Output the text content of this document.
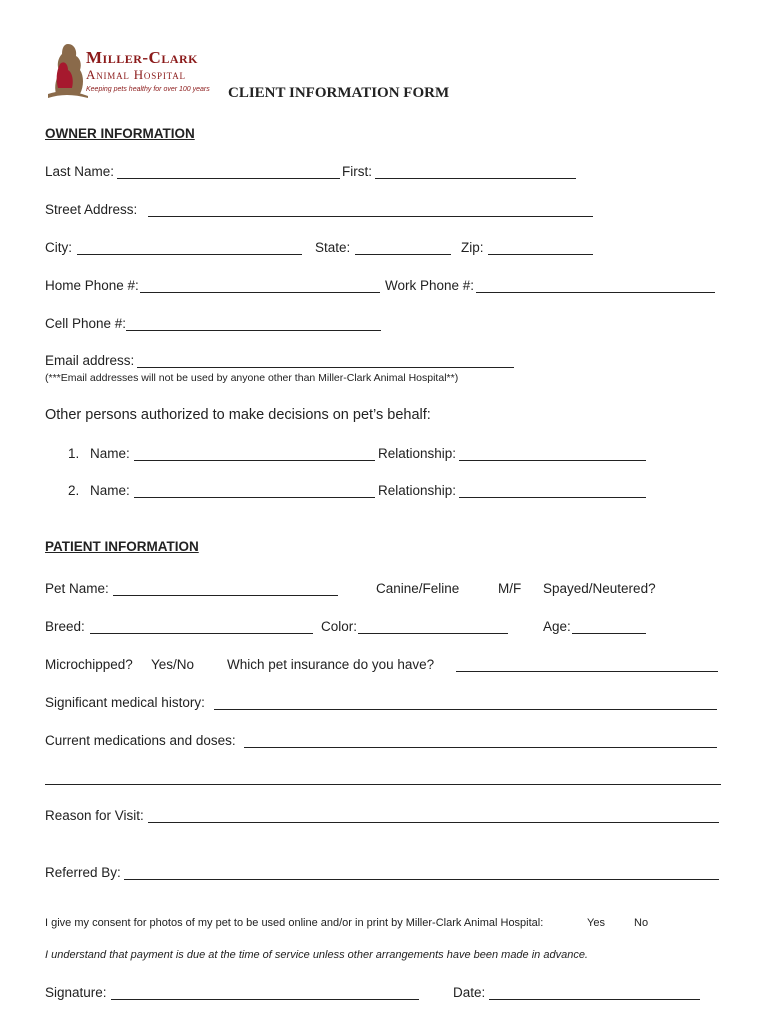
Miller-Clark
Animal Hospital
Keeping pets healthy for over 100 years CLIENT INFORMATION FORM
OWNER INFORMATION
Last Name:	First:
Street Address:
City:	State:	Zip:
Home Phone #:	Work Phone #:
Cell Phone #:
Email address:
(***Email addresses will not be used by anyone other than Miller-Clark Animal Hospital**)
Other persons authorized to make decisions on pet’s behalf:
1. Name:	Relationship:
2. Name:	Relationship:
PATIENT INFORMATION
Pet Name:	Canine/Feline	M/F Spayed/Neutered?
Breed:	Color:	Age:
Microchipped? Yes/No Which pet insurance do you have?
Significant medical history:
Current medications and doses:
Reason for Visit:
Referred By:
I give my consent for photos of my pet to be used online and/or in print by Miller-Clark Animal Hospital:	Yes	No
I understand that payment is due at the time of service unless other arrangements have been made in advance.
Signature:	Date:
